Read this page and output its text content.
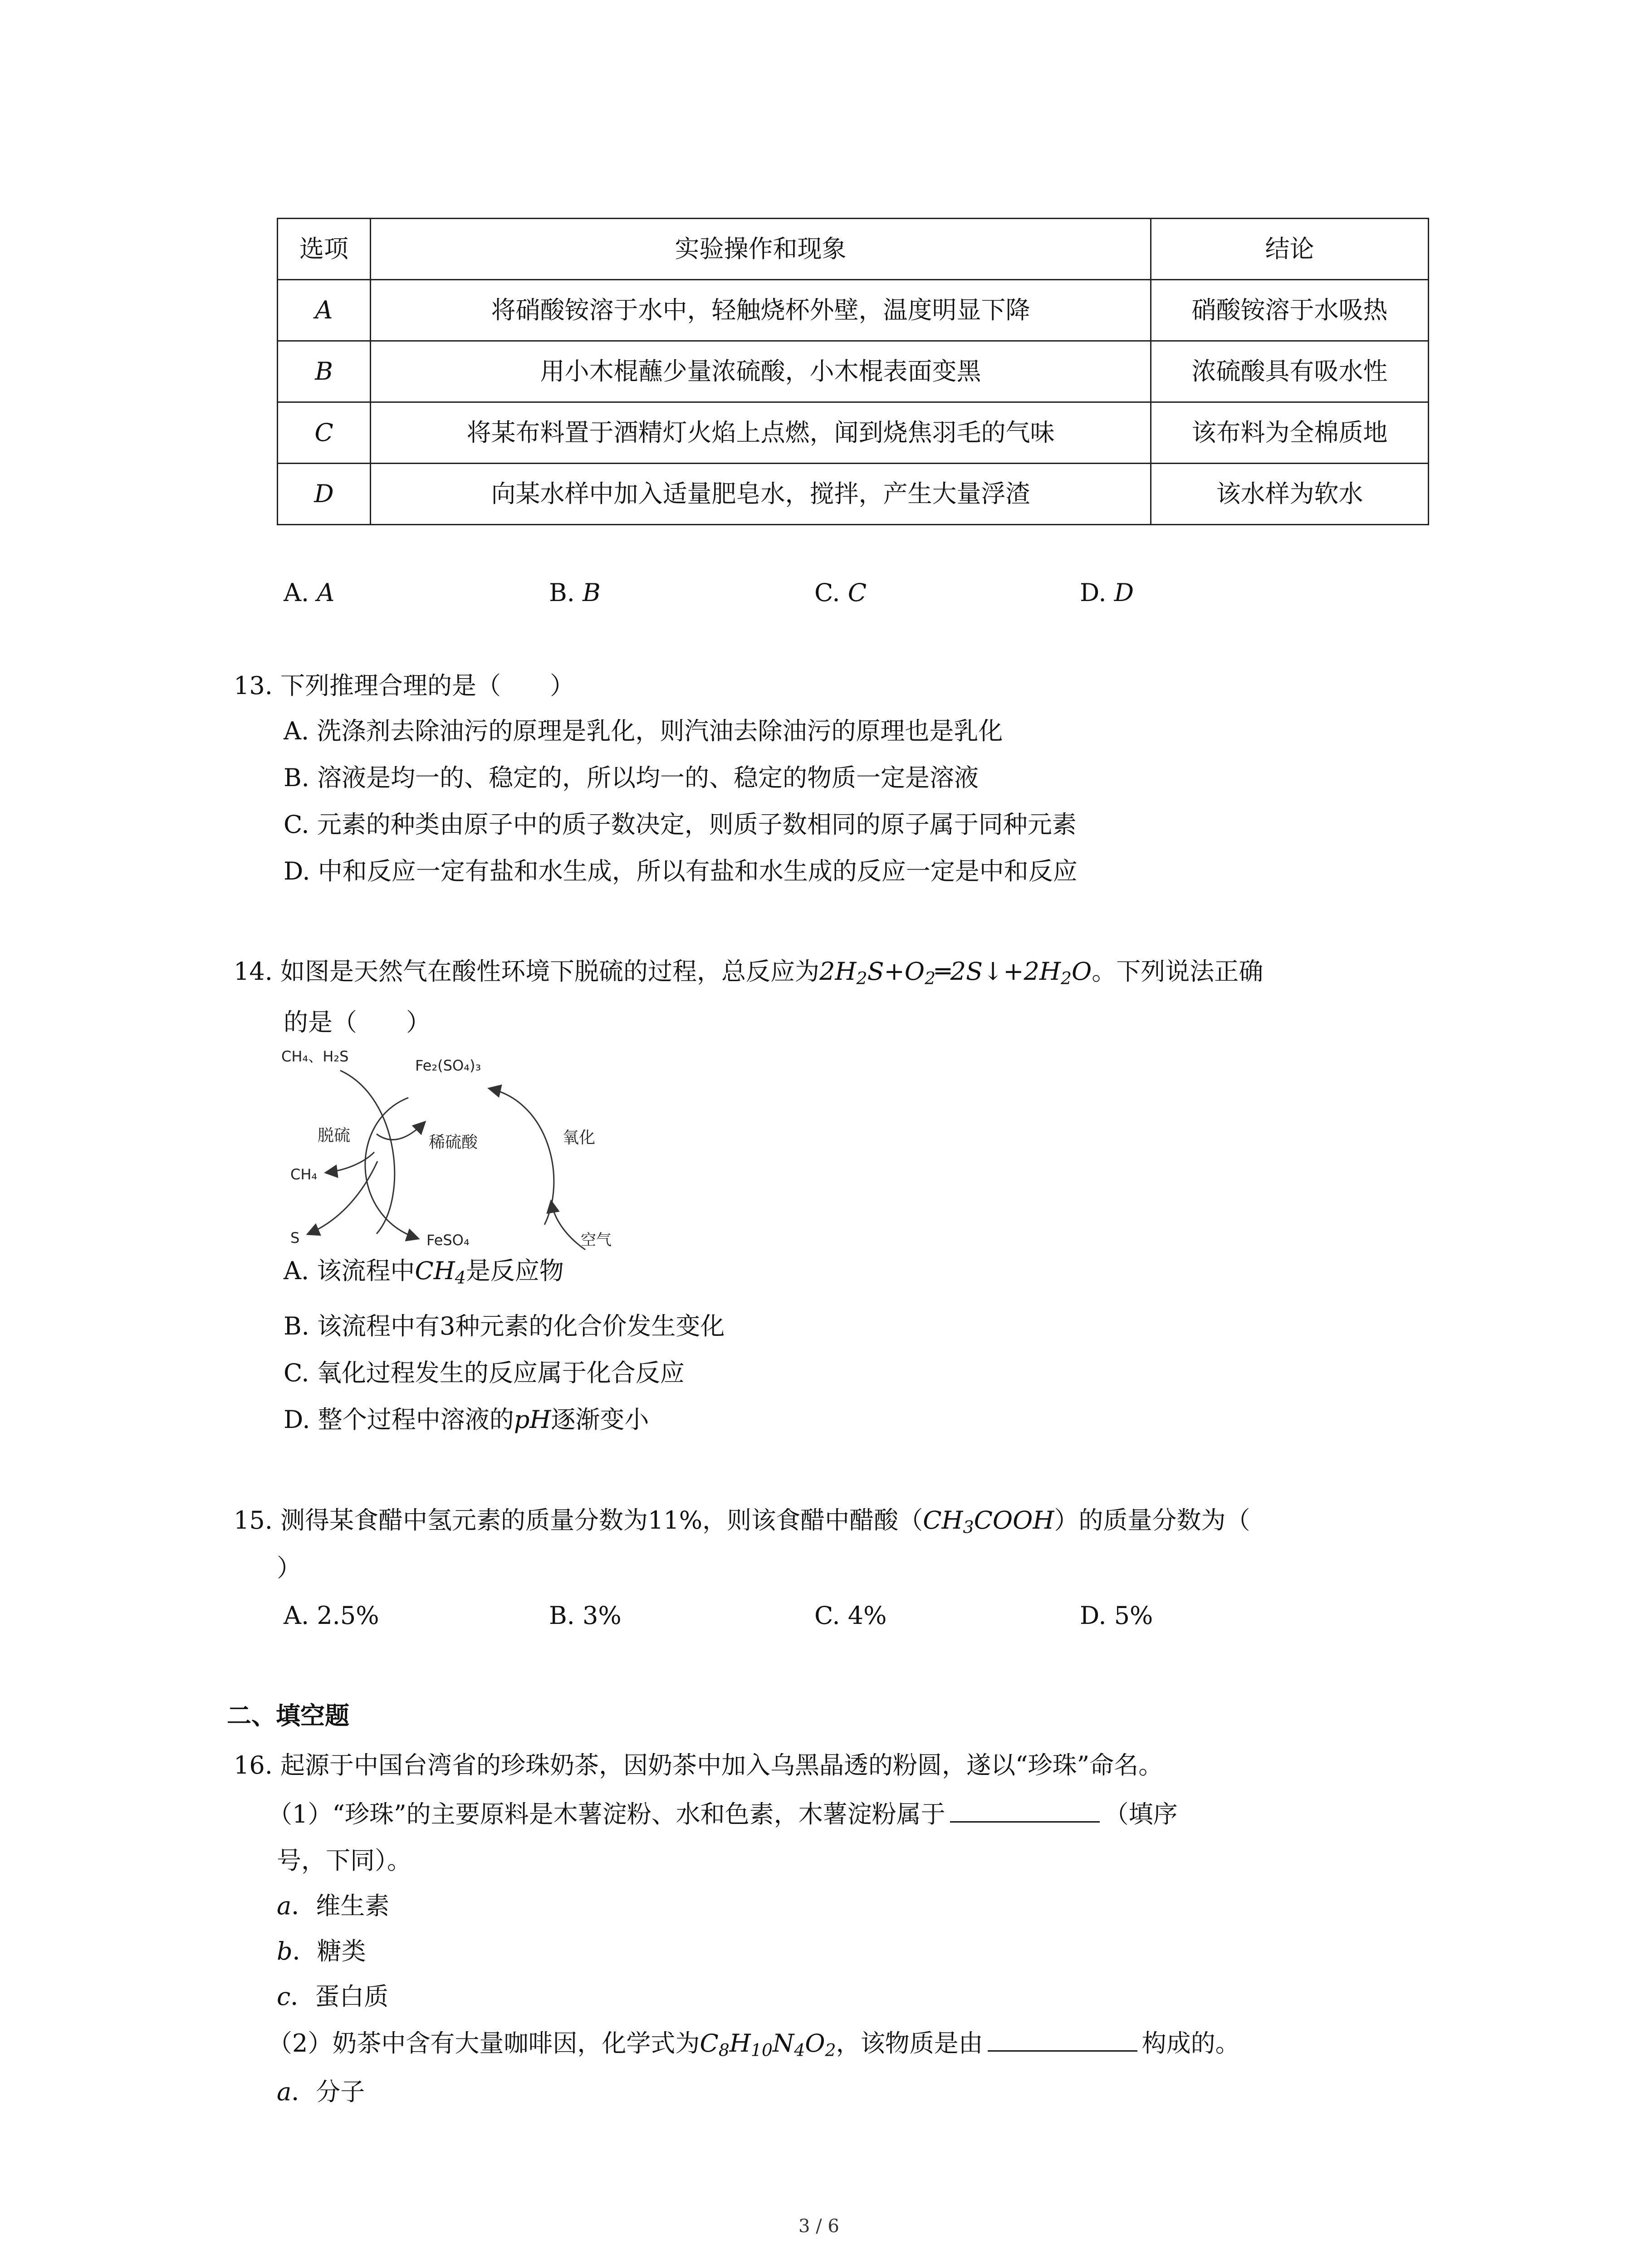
选项	实验操作和现象	结论
A	将硝酸铵溶于水中，轻触烧杯外壁，温度明显下降	硝酸铵溶于水吸热
B	用小木棍蘸少量浓硫酸，小木棍表面变黑	浓硫酸具有吸水性
C	将某布料置于酒精灯火焰上点燃，闻到烧焦羽毛的气味	该布料为全棉质地
D	向某水样中加入适量肥皂水，搅拌，产生大量浮渣	该水样为软水
A. A	B. B	C. C	D. D
13. 下列推理合理的是（　　）
A. 洗涤剂去除油污的原理是乳化，则汽油去除油污的原理也是乳化
B. 溶液是均一的、稳定的，所以均一的、稳定的物质一定是溶液
C. 元素的种类由原子中的质子数决定，则质子数相同的原子属于同种元素
D. 中和反应一定有盐和水生成，所以有盐和水生成的反应一定是中和反应
14. 如图是天然气在酸性环境下脱硫的过程，总反应为$2H_2S+O_2═2S↓+2H_2O$。下列说法正确
的是（　　）
CH₄、H₂S
Fe₂(SO₄)₃
脱硫	稀硫酸	氧化
CH₄
S	FeSO₄	空气
A. 该流程中$CH_4$是反应物
B. 该流程中有3种元素的化合价发生变化
C. 氧化过程发生的反应属于化合反应
D. 整个过程中溶液的pH逐渐变小
15. 测得某食醋中氢元素的质量分数为11%，则该食醋中醋酸$(CH_3COOH)$的质量分数为（
）
A. 2.5%	B. 3%	C. 4%	D. 5%
二、填空题
16. 起源于中国台湾省的珍珠奶茶，因奶茶中加入乌黑晶透的粉圆，遂以“珍珠”命名。
（1）“珍珠”的主要原料是木薯淀粉、水和色素，木薯淀粉属于	（填序
号，下同）。
a．维生素
b．糖类
c．蛋白质
（2）奶茶中含有大量咖啡因，化学式为$C_8H_{10}N_4O_2$，该物质是由	构成的。
a．分子
3 / 6
